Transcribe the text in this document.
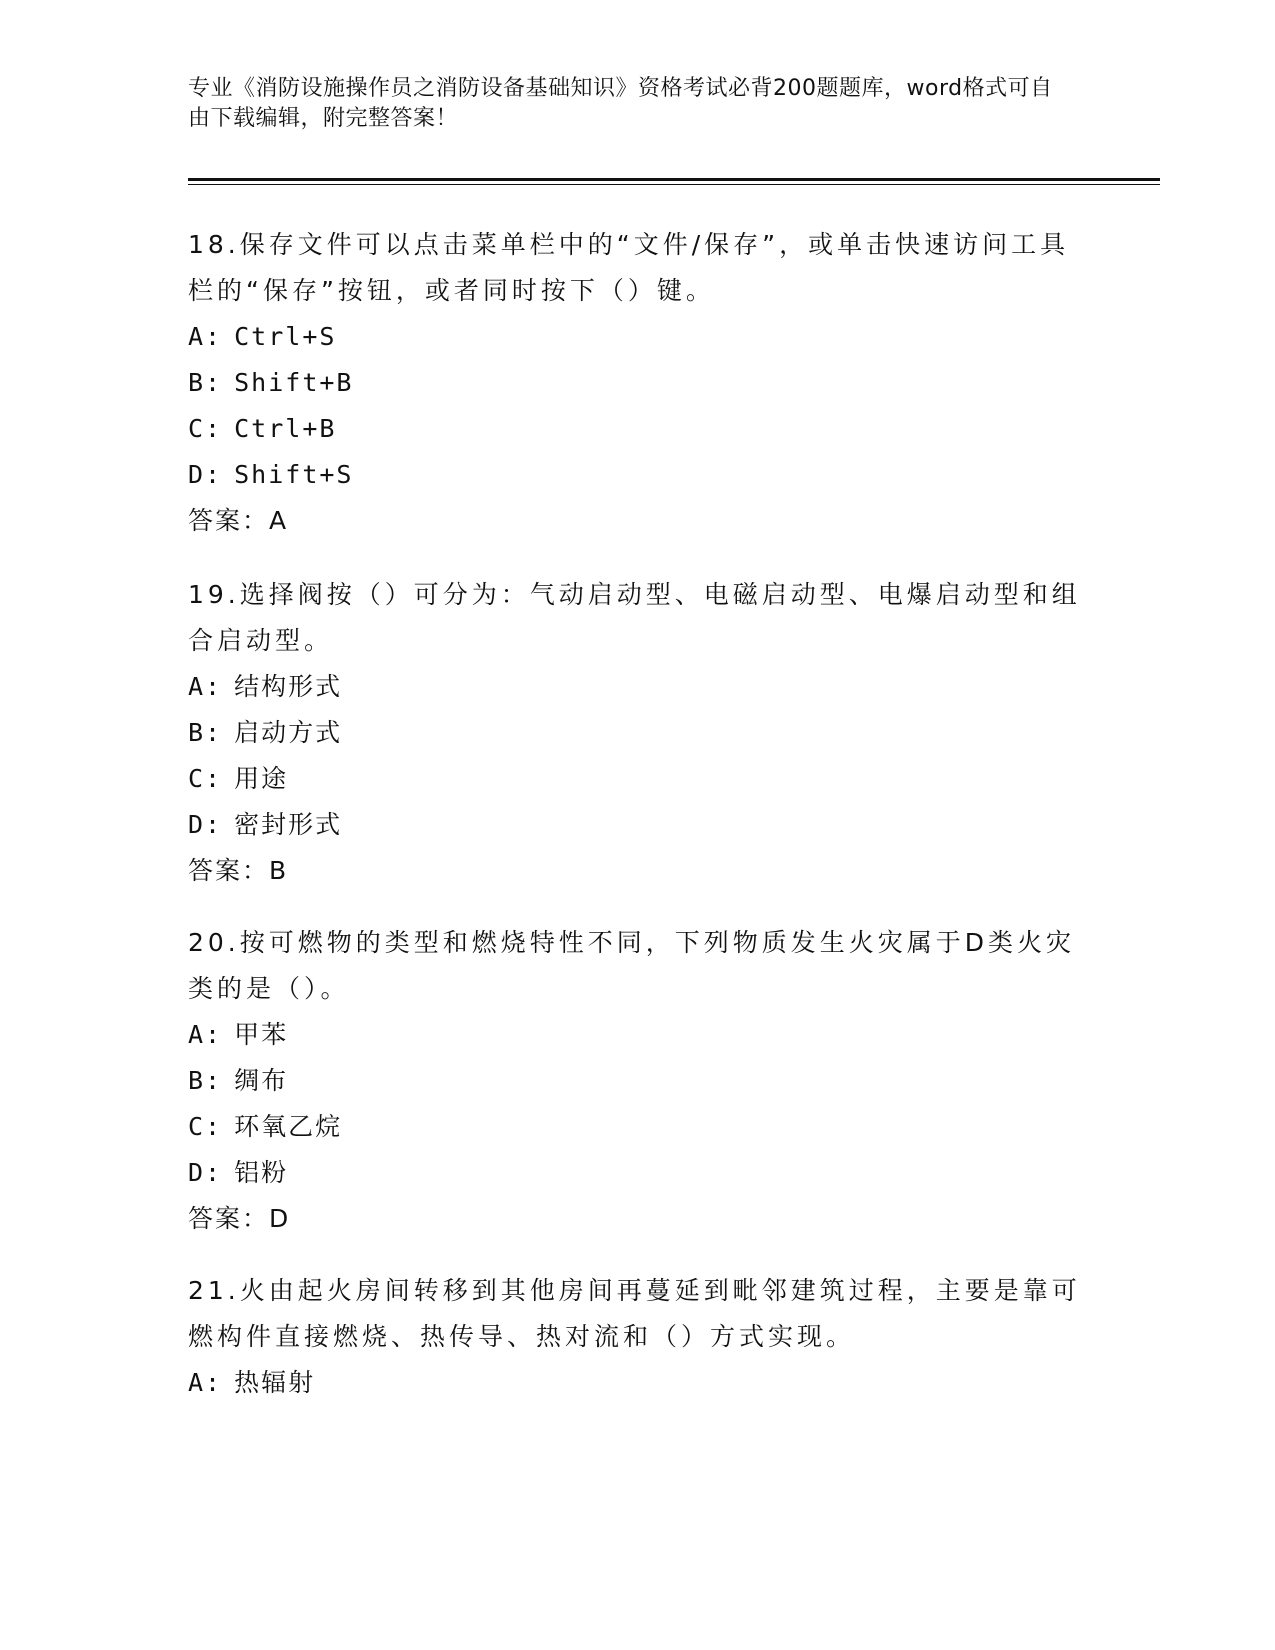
专业《消防设施操作员之消防设备基础知识》资格考试必背200题题库，word格式可自由下载编辑，附完整答案！

18.保存文件可以点击菜单栏中的“文件/保存”，或单击快速访问工具栏的“保存”按钮，或者同时按下（）键。

A: Ctrl+S

B: Shift+B

C: Ctrl+B

D: Shift+S

答案：A

19.选择阀按（）可分为：气动启动型、电磁启动型、电爆启动型和组合启动型。

A: 结构形式

B: 启动方式

C: 用途

D: 密封形式

答案：B

20.按可燃物的类型和燃烧特性不同，下列物质发生火灾属于D类火灾类的是（）。

A: 甲苯

B: 绸布

C: 环氧乙烷

D: 铝粉

答案：D

21.火由起火房间转移到其他房间再蔓延到毗邻建筑过程，主要是靠可燃构件直接燃烧、热传导、热对流和（）方式实现。

A: 热辐射
